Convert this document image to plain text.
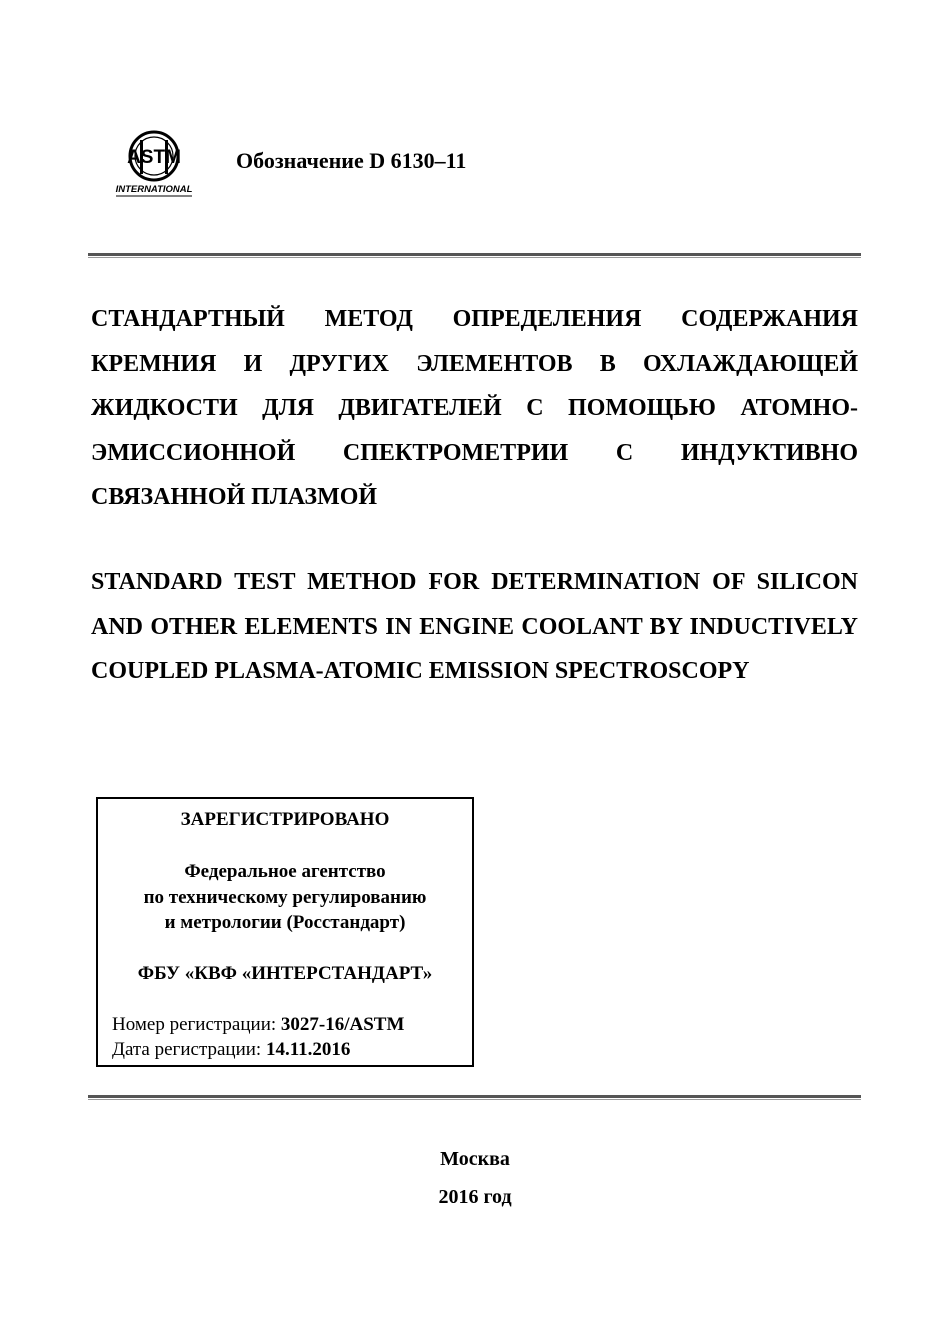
ASTM
INTERNATIONAL
Обозначение D 6130–11

СТАНДАРТНЫЙ МЕТОД ОПРЕДЕЛЕНИЯ СОДЕРЖАНИЯ КРЕМНИЯ И ДРУГИХ ЭЛЕМЕНТОВ В ОХЛАЖДАЮЩЕЙ ЖИДКОСТИ ДЛЯ ДВИГАТЕЛЕЙ С ПОМОЩЬЮ АТОМНО-ЭМИССИОННОЙ СПЕКТРОМЕТРИИ С ИНДУКТИВНО СВЯЗАННОЙ ПЛАЗМОЙ

STANDARD TEST METHOD FOR DETERMINATION OF SILICON AND OTHER ELEMENTS IN ENGINE COOLANT BY INDUCTIVELY COUPLED PLASMA-ATOMIC EMISSION SPECTROSCOPY

ЗАРЕГИСТРИРОВАНО
Федеральное агентство
по техническому регулированию
и метрологии (Росстандарт)
ФБУ «КВФ «ИНТЕРСТАНДАРТ»
Номер регистрации: 3027-16/ASTM
Дата регистрации: 14.11.2016
Москва
2016 год
